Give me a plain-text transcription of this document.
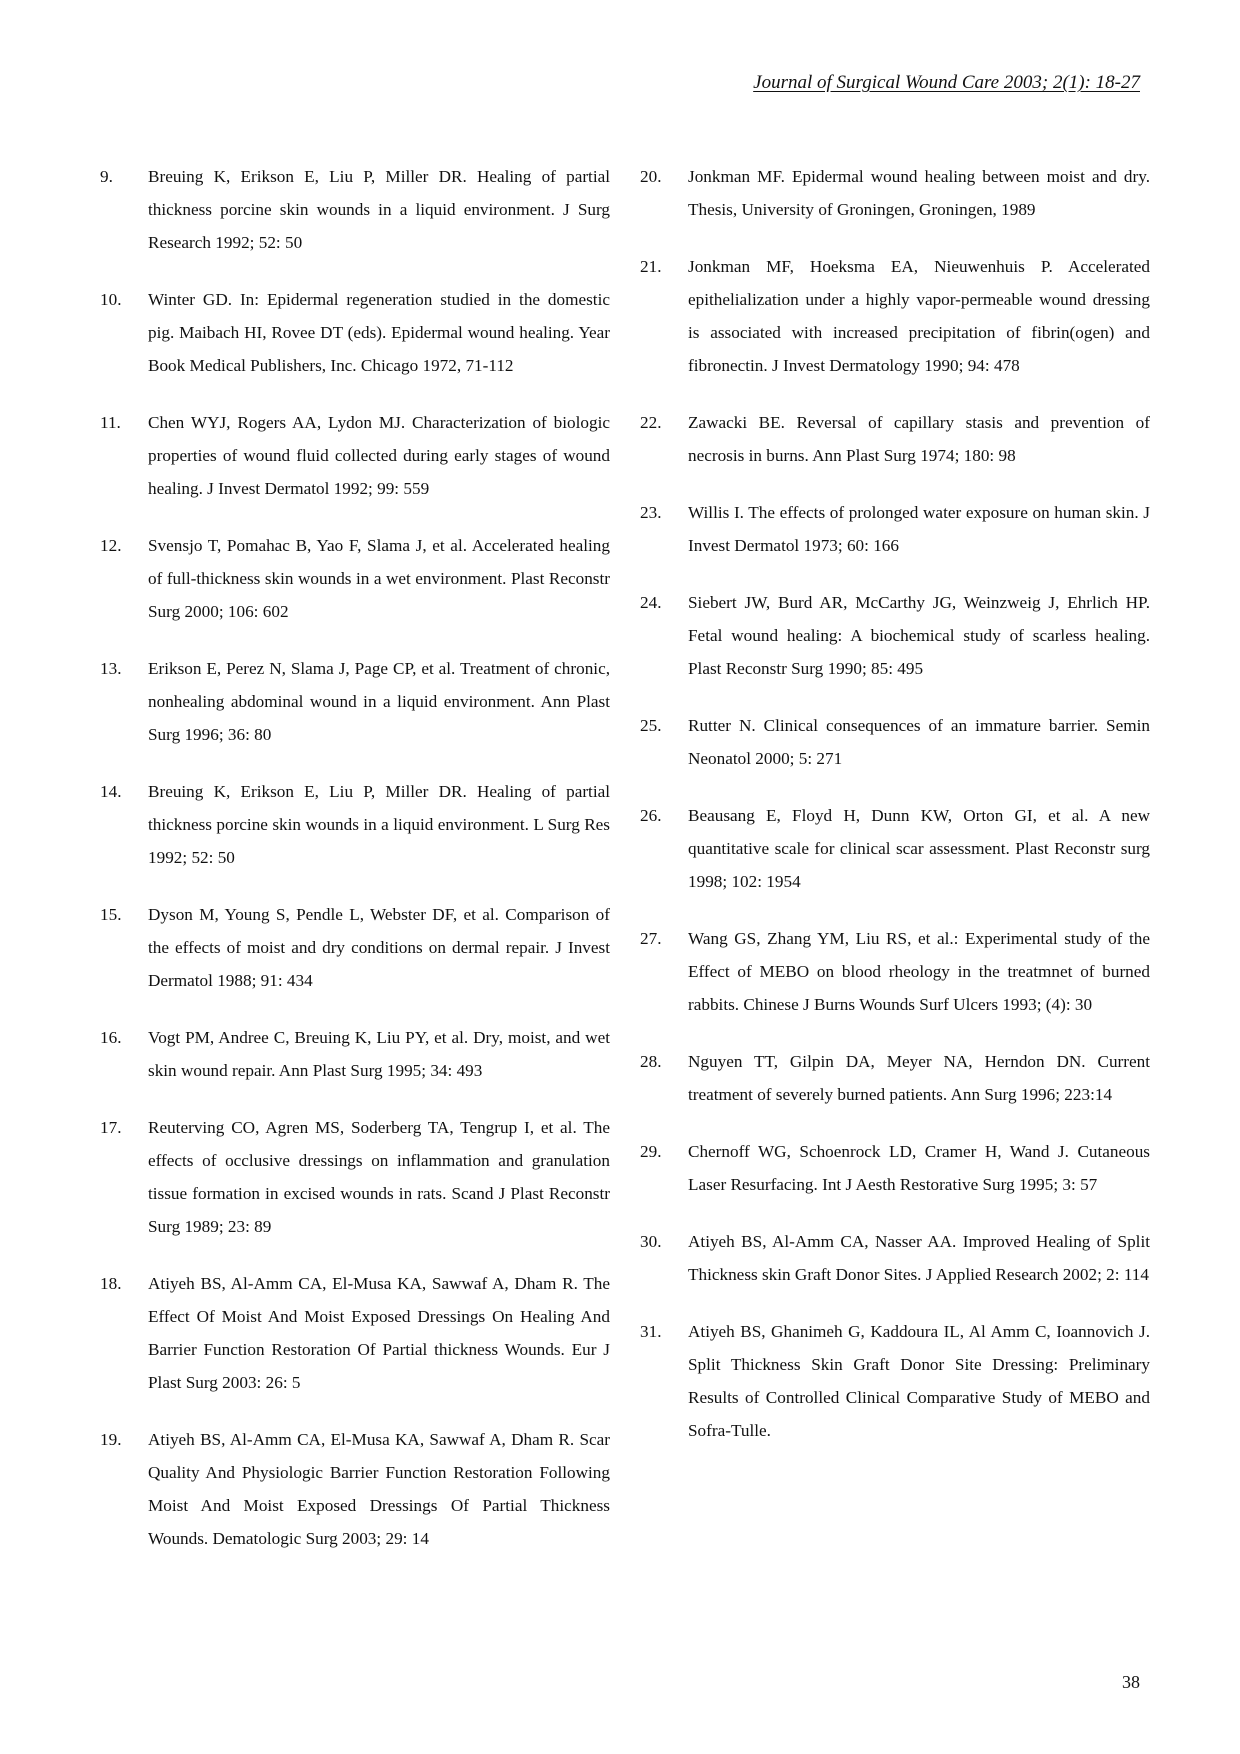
Journal of Surgical Wound Care 2003; 2(1): 18-27
9.	Breuing K, Erikson E, Liu P, Miller DR. Healing of partial thickness porcine skin wounds in a liquid environment. J Surg Research 1992; 52: 50
10.	Winter GD. In: Epidermal regeneration studied in the domestic pig. Maibach HI, Rovee DT (eds). Epidermal wound healing. Year Book Medical Publishers, Inc. Chicago 1972, 71-112
11.	Chen WYJ, Rogers AA, Lydon MJ. Characterization of biologic properties of wound fluid collected during early stages of wound healing. J Invest Dermatol 1992; 99: 559
12.	Svensjo T, Pomahac B, Yao F, Slama J, et al. Accelerated healing of full-thickness skin wounds in a wet environment. Plast Reconstr Surg 2000; 106: 602
13.	Erikson E, Perez N, Slama J, Page CP, et al. Treatment of chronic, nonhealing abdominal wound in a liquid environment. Ann Plast Surg 1996; 36: 80
14.	Breuing K, Erikson E, Liu P, Miller DR. Healing of partial thickness porcine skin wounds in a liquid environment. L Surg Res 1992; 52: 50
15.	Dyson M, Young S, Pendle L, Webster DF, et al. Comparison of the effects of moist and dry conditions on dermal repair. J Invest Dermatol 1988; 91: 434
16.	Vogt PM, Andree C, Breuing K, Liu PY, et al. Dry, moist, and wet skin wound repair. Ann Plast Surg 1995; 34: 493
17.	Reuterving CO, Agren MS, Soderberg TA, Tengrup I, et al. The effects of occlusive dressings on inflammation and granulation tissue formation in excised wounds in rats. Scand J Plast Reconstr Surg 1989; 23: 89
18.	Atiyeh BS, Al-Amm CA, El-Musa KA, Sawwaf A, Dham R. The Effect Of Moist And Moist Exposed Dressings On Healing And Barrier Function Restoration Of Partial thickness Wounds. Eur J Plast Surg 2003: 26: 5
19.	Atiyeh BS, Al-Amm CA, El-Musa KA, Sawwaf A, Dham R. Scar Quality And Physiologic Barrier Function Restoration Following Moist And Moist Exposed Dressings Of Partial Thickness Wounds. Dematologic Surg 2003; 29: 14
20.	Jonkman MF. Epidermal wound healing between moist and dry. Thesis, University of Groningen, Groningen, 1989
21.	Jonkman MF, Hoeksma EA, Nieuwenhuis P. Accelerated epithelialization under a highly vapor-permeable wound dressing is associated with increased precipitation of fibrin(ogen) and fibronectin. J Invest Dermatology 1990; 94: 478
22.	Zawacki BE. Reversal of capillary stasis and prevention of necrosis in burns. Ann Plast Surg 1974; 180: 98
23.	Willis I. The effects of prolonged water exposure on human skin. J Invest Dermatol 1973; 60: 166
24.	Siebert JW, Burd AR, McCarthy JG, Weinzweig J, Ehrlich HP. Fetal wound healing: A biochemical study of scarless healing. Plast Reconstr Surg 1990; 85: 495
25.	Rutter N. Clinical consequences of an immature barrier. Semin Neonatol 2000; 5: 271
26.	Beausang E, Floyd H, Dunn KW, Orton GI, et al. A new quantitative scale for clinical scar assessment. Plast Reconstr surg 1998; 102: 1954
27.	Wang GS, Zhang YM, Liu RS, et al.: Experimental study of the Effect of MEBO on blood rheology in the treatmnet of burned rabbits. Chinese J Burns Wounds Surf Ulcers 1993; (4): 30
28.	Nguyen TT, Gilpin DA, Meyer NA, Herndon DN. Current treatment of severely burned patients. Ann Surg 1996; 223:14
29.	Chernoff WG, Schoenrock LD, Cramer H, Wand J. Cutaneous Laser Resurfacing. Int J Aesth Restorative Surg 1995; 3: 57
30.	Atiyeh BS, Al-Amm CA, Nasser AA. Improved Healing of Split Thickness skin Graft Donor Sites. J Applied Research 2002; 2: 114
31.	Atiyeh BS, Ghanimeh G, Kaddoura IL, Al Amm C, Ioannovich J. Split Thickness Skin Graft Donor Site Dressing: Preliminary Results of Controlled Clinical Comparative Study of MEBO and Sofra-Tulle.
38
